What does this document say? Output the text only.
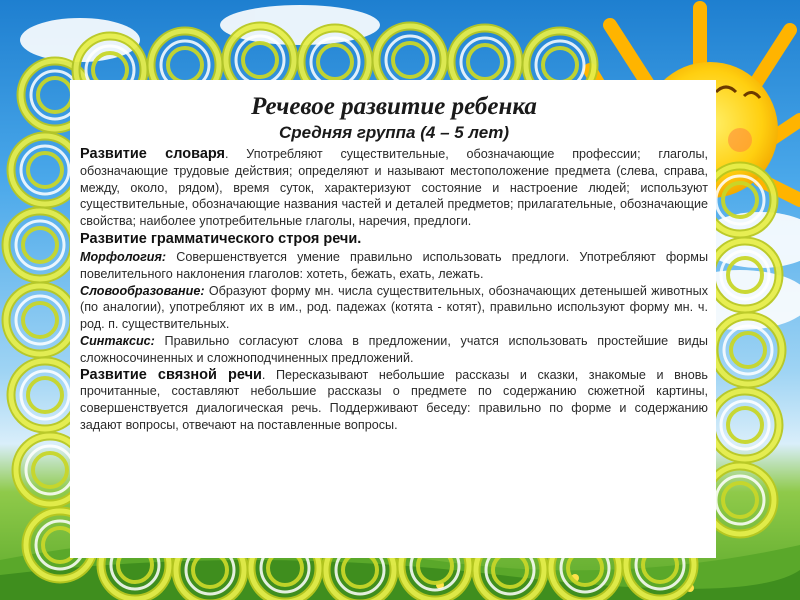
Речевое развитие ребенка
Средняя группа (4 – 5 лет)

Развитие словаря. Употребляют существительные, обозначающие профессии; глаголы, обозначающие трудовые действия; определяют и называют местоположение предмета (слева, справа, между, около, рядом), время суток, характеризуют состояние и настроение людей; используют существительные, обозначающие названия частей и деталей предметов; прилагательные, обозначающие свойства; наиболее употребительные глаголы, наречия, предлоги.

Развитие грамматического строя речи.

Морфология: Совершенствуется умение правильно использовать предлоги. Употребляют формы повелительного наклонения глаголов: хотеть, бежать, ехать, лежать.

Словообразование: Образуют форму мн. числа существительных, обозначающих детенышей животных (по аналогии), употребляют их в им., род. падежах (котята - котят), правильно используют форму мн. ч. род. п. существительных.

Синтаксис: Правильно согласуют слова в предложении, учатся использовать простейшие виды сложносочиненных и сложноподчиненных предложений.

Развитие связной речи. Пересказывают небольшие рассказы и сказки, знакомые и вновь прочитанные, составляют небольшие рассказы о предмете по содержанию сюжетной картины, совершенствуется диалогическая речь. Поддерживают беседу: правильно по форме и содержанию задают вопросы, отвечают на поставленные вопросы.
